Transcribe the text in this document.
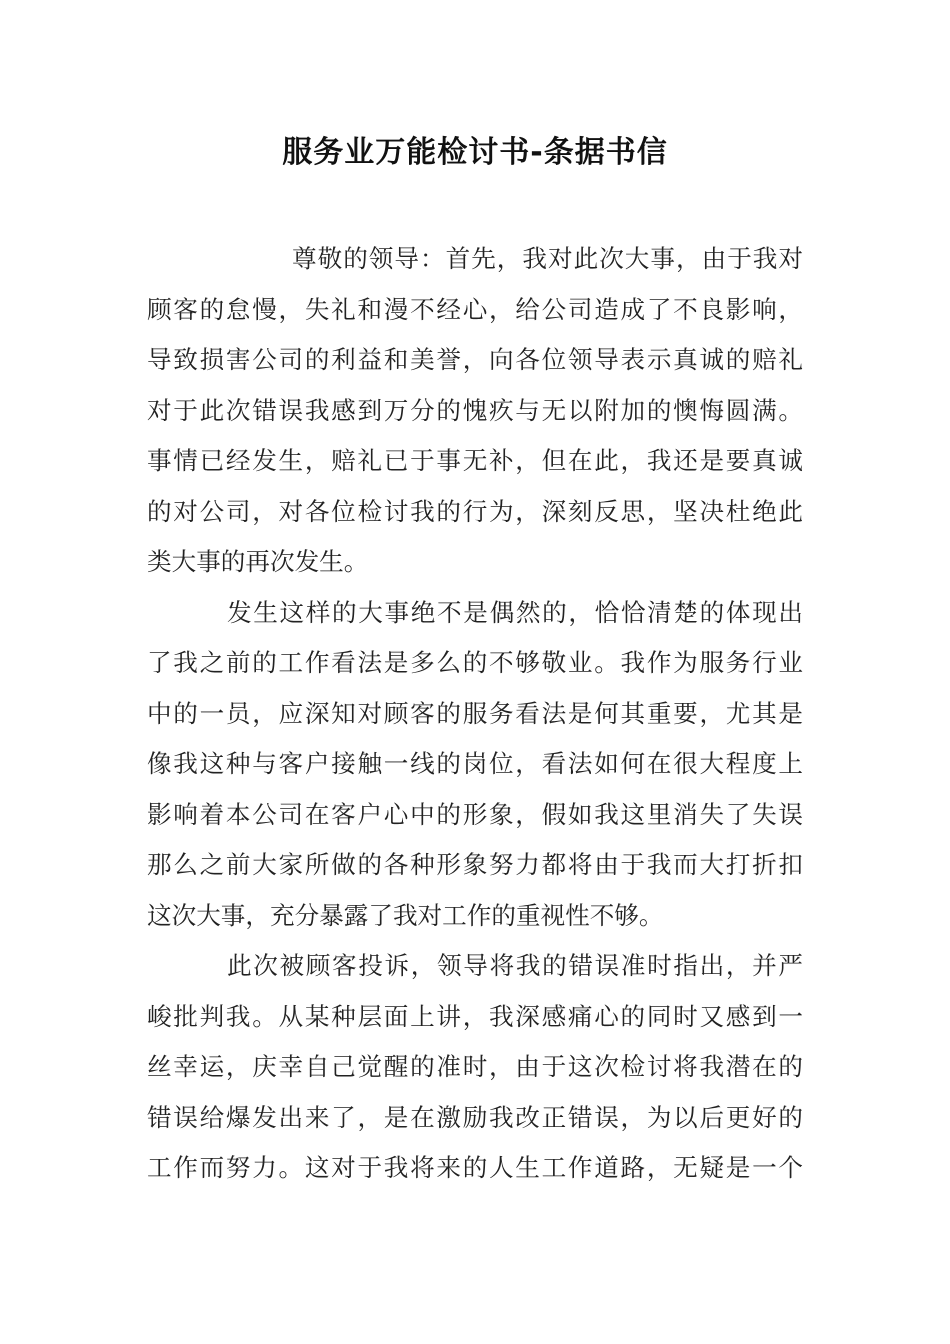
服务业万能检讨书-条据书信
尊敬的领导：首先，我对此次大事，由于我对
顾客的怠慢，失礼和漫不经心，给公司造成了不良影响，
导致损害公司的利益和美誉，向各位领导表示真诚的赔礼
对于此次错误我感到万分的愧疚与无以附加的懊悔圆满。
事情已经发生，赔礼已于事无补，但在此，我还是要真诚
的对公司，对各位检讨我的行为，深刻反思，坚决杜绝此
类大事的再次发生。
发生这样的大事绝不是偶然的，恰恰清楚的体现出
了我之前的工作看法是多么的不够敬业。我作为服务行业
中的一员，应深知对顾客的服务看法是何其重要，尤其是
像我这种与客户接触一线的岗位，看法如何在很大程度上
影响着本公司在客户心中的形象，假如我这里消失了失误
那么之前大家所做的各种形象努力都将由于我而大打折扣
这次大事，充分暴露了我对工作的重视性不够。
此次被顾客投诉，领导将我的错误准时指出，并严
峻批判我。从某种层面上讲，我深感痛心的同时又感到一
丝幸运，庆幸自己觉醒的准时，由于这次检讨将我潜在的
错误给爆发出来了，是在激励我改正错误，为以后更好的
工作而努力。这对于我将来的人生工作道路，无疑是一个
